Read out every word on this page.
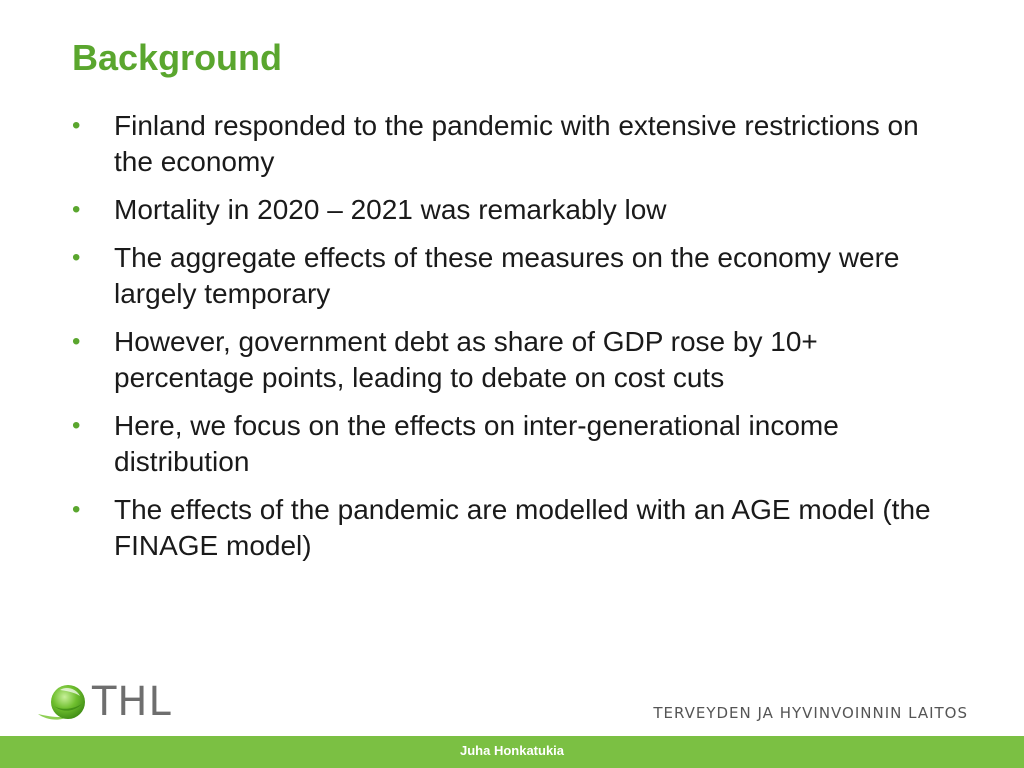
Background
•	Finland responded to the pandemic with extensive restrictions on the economy
•	Mortality in 2020 – 2021 was remarkably low
•	The aggregate effects of these measures on the economy were largely temporary
•	However, government debt as share of GDP rose by 10+ percentage points, leading to debate on cost cuts
•	Here, we focus on the effects on inter-generational income distribution
•	The effects of the pandemic are modelled with an AGE model (the FINAGE model)
THL	TERVEYDEN JA HYVINVOINNIN LAITOS
Juha Honkatukia
